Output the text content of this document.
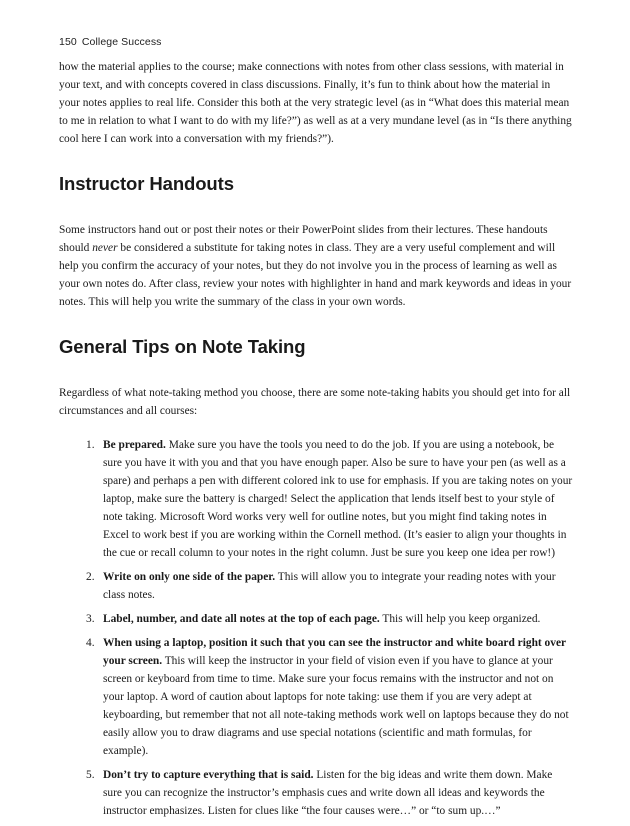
150 College Success

how the material applies to the course; make connections with notes from other class sessions, with material in your text, and with concepts covered in class discussions. Finally, it’s fun to think about how the material in your notes applies to real life. Consider this both at the very strategic level (as in “What does this material mean to me in relation to what I want to do with my life?”) as well as at a very mundane level (as in “Is there anything cool here I can work into a conversation with my friends?”).

Instructor Handouts

Some instructors hand out or post their notes or their PowerPoint slides from their lectures. These handouts should never be considered a substitute for taking notes in class. They are a very useful complement and will help you confirm the accuracy of your notes, but they do not involve you in the process of learning as well as your own notes do. After class, review your notes with highlighter in hand and mark keywords and ideas in your notes. This will help you write the summary of the class in your own words.

General Tips on Note Taking

Regardless of what note-taking method you choose, there are some note-taking habits you should get into for all circumstances and all courses:

1. Be prepared. Make sure you have the tools you need to do the job. If you are using a notebook, be sure you have it with you and that you have enough paper. Also be sure to have your pen (as well as a spare) and perhaps a pen with different colored ink to use for emphasis. If you are taking notes on your laptop, make sure the battery is charged! Select the application that lends itself best to your style of note taking. Microsoft Word works very well for outline notes, but you might find taking notes in Excel to work best if you are working within the Cornell method. (It’s easier to align your thoughts in the cue or recall column to your notes in the right column. Just be sure you keep one idea per row!)
2. Write on only one side of the paper. This will allow you to integrate your reading notes with your class notes.
3. Label, number, and date all notes at the top of each page. This will help you keep organized.
4. When using a laptop, position it such that you can see the instructor and white board right over your screen. This will keep the instructor in your field of vision even if you have to glance at your screen or keyboard from time to time. Make sure your focus remains with the instructor and not on your laptop. A word of caution about laptops for note taking: use them if you are very adept at keyboarding, but remember that not all note-taking methods work well on laptops because they do not easily allow you to draw diagrams and use special notations (scientific and math formulas, for example).
5. Don’t try to capture everything that is said. Listen for the big ideas and write them down. Make sure you can recognize the instructor’s emphasis cues and write down all ideas and keywords the instructor emphasizes. Listen for clues like “the four causes were…” or “to sum up.…”
